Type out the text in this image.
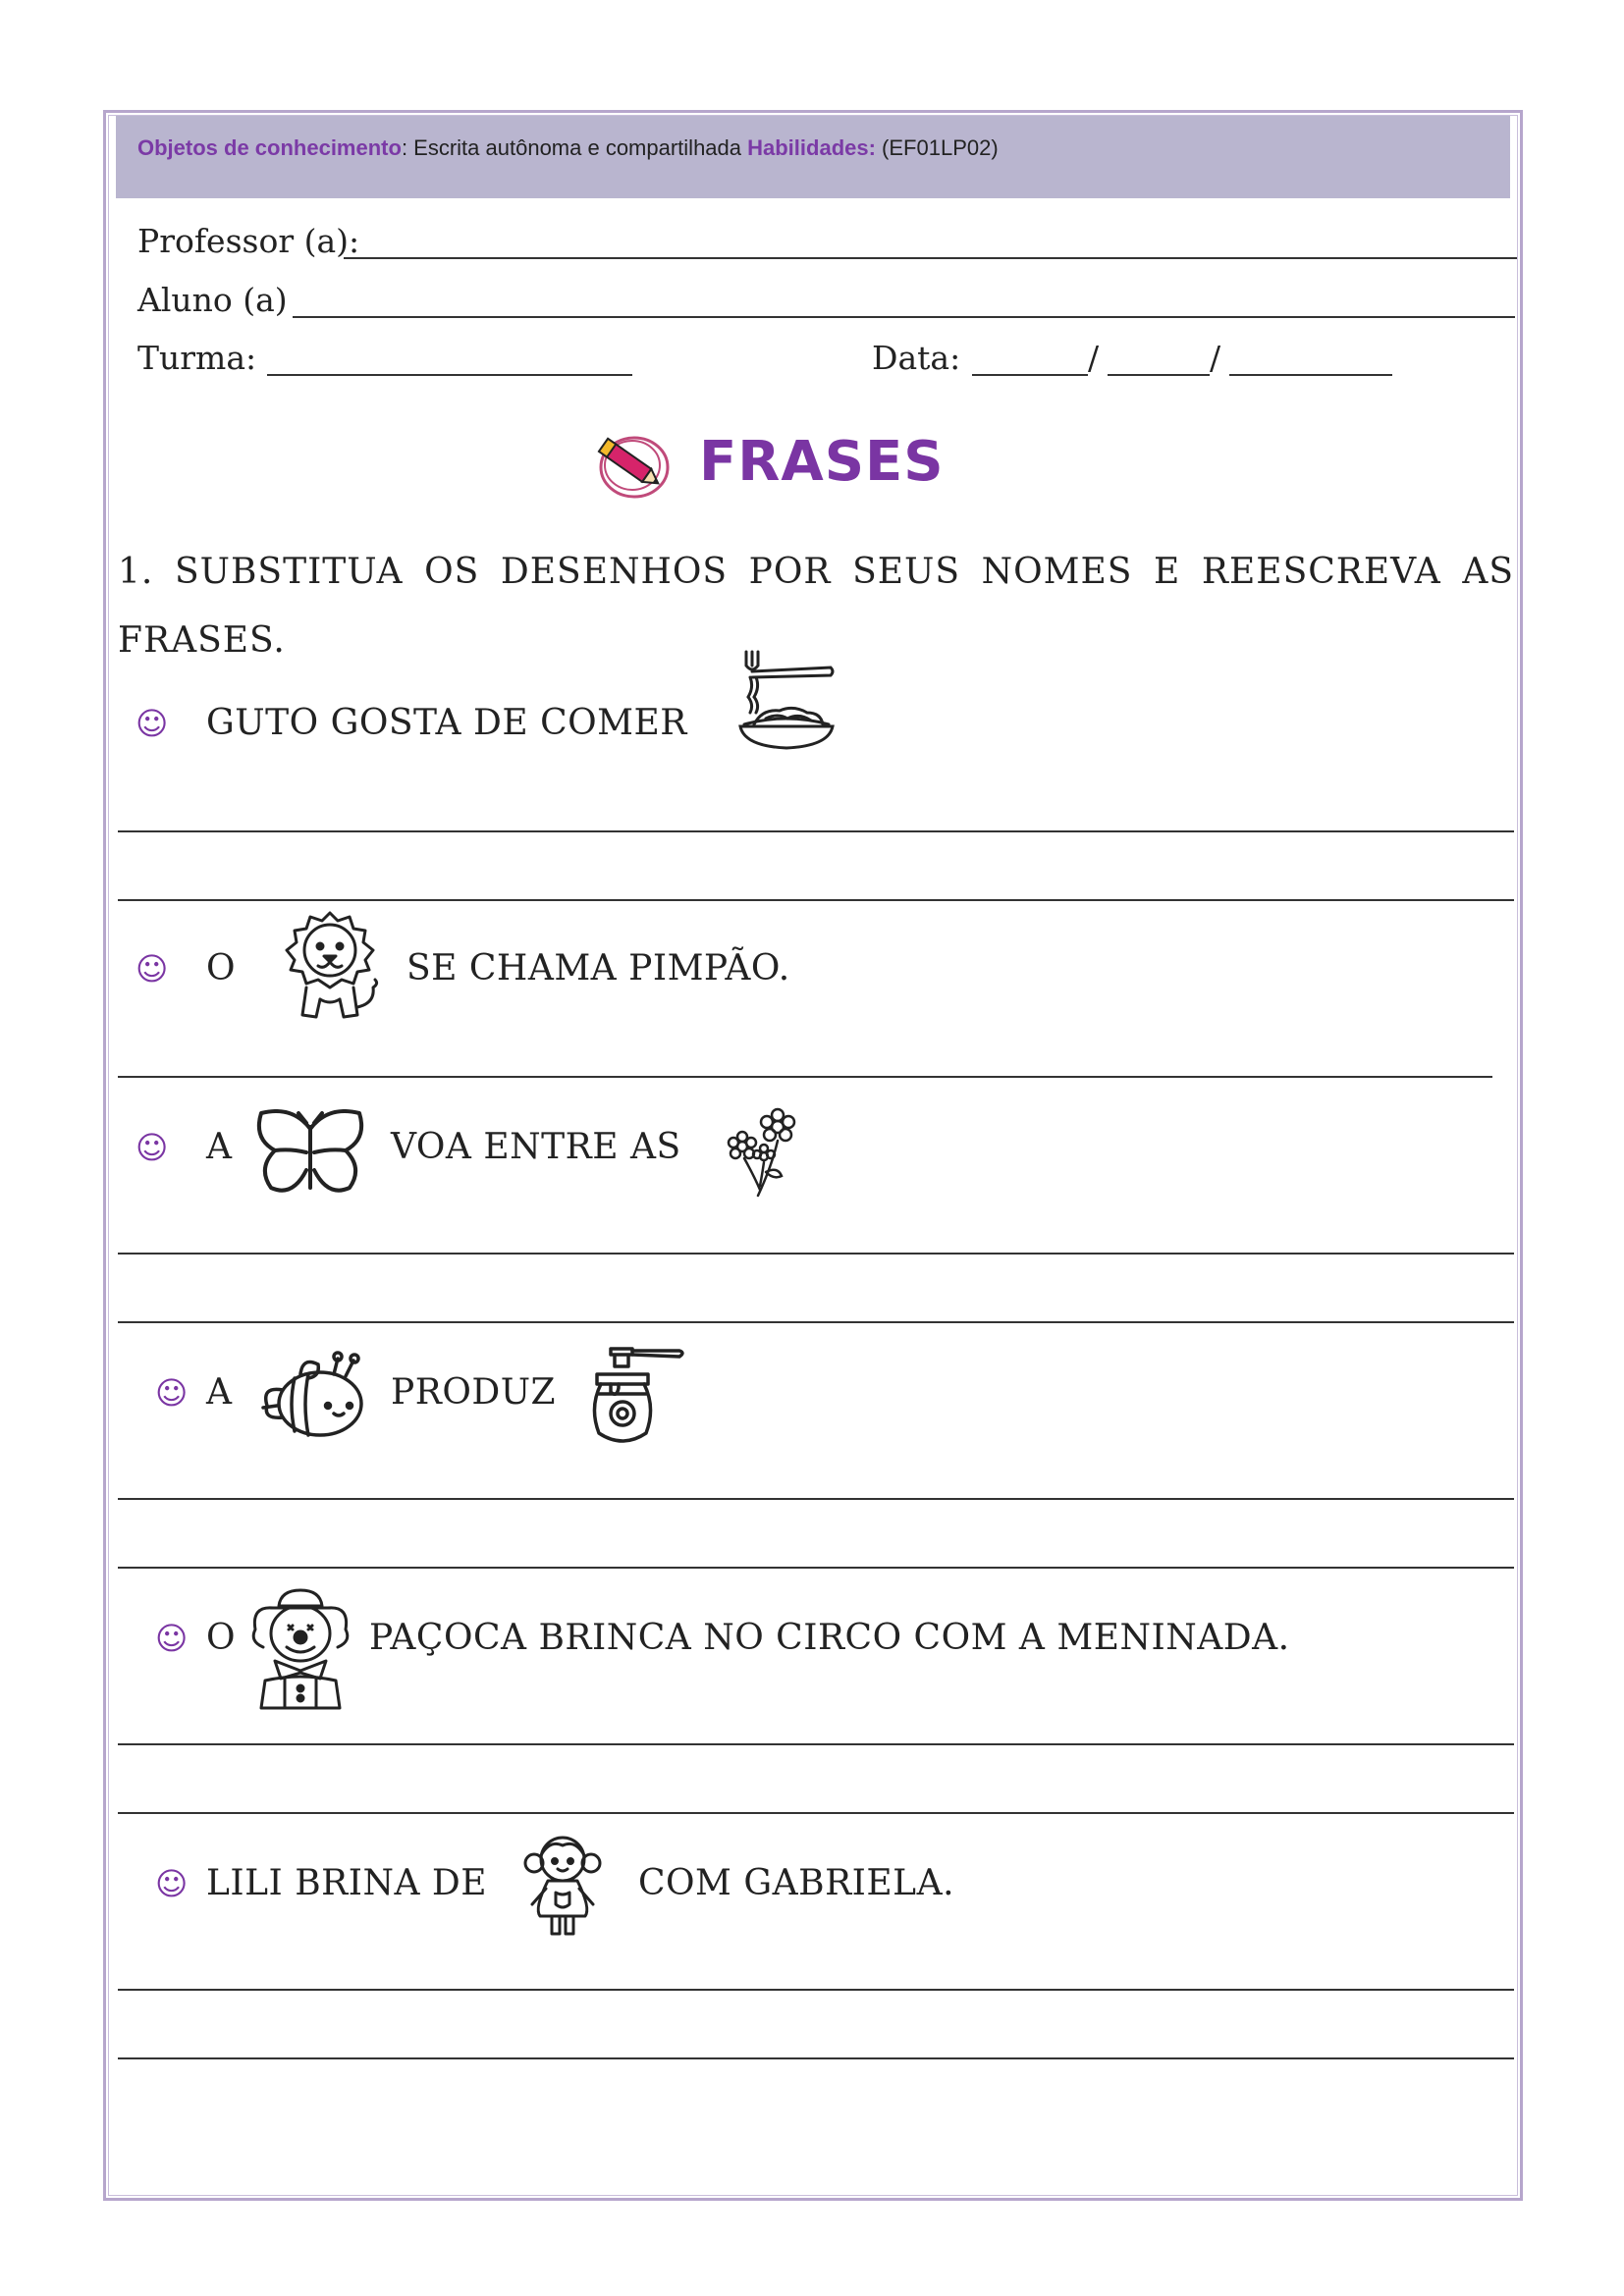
Objetos de conhecimento: Escrita autônoma e compartilhada Habilidades: (EF01LP02)
Professor (a):
Aluno (a)
Turma:	Data:	/	/
FRASES
1. SUBSTITUA OS DESENHOS POR SEUS NOMES E REESCREVA AS FRASES.
☺ GUTO GOSTA DE COMER
☺ O	SE CHAMA PIMPÃO.
☺ A	VOA ENTRE AS
☺ A	PRODUZ
☺ O	PAÇOCA BRINCA NO CIRCO COM A MENINADA.
☺ LILI BRINA DE	COM GABRIELA.
